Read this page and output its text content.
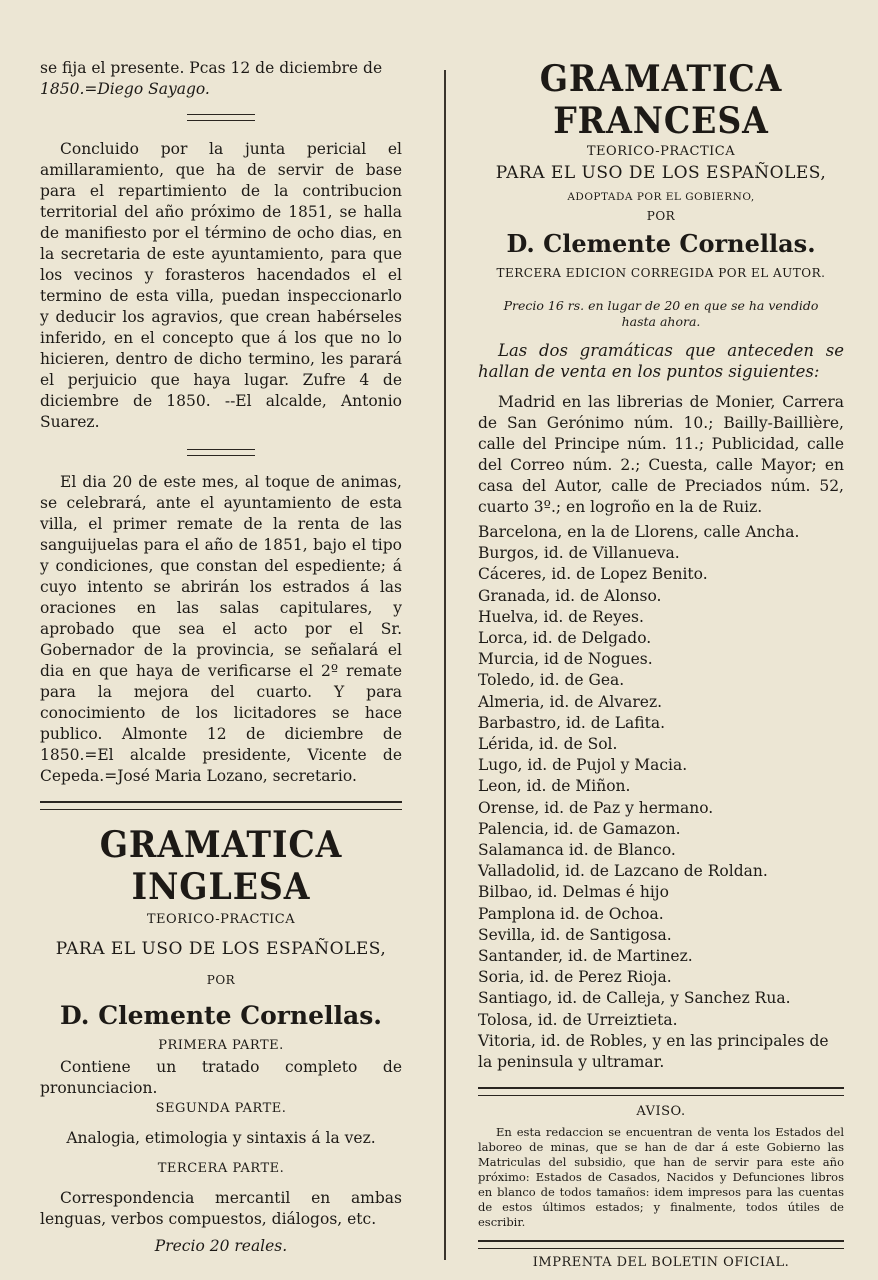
se fija el presente. Pcas 12 de diciembre de

1850.=Diego Sayago.

Concluido por la junta pericial el amillaramiento, que ha de servir de base para el repartimiento de la contribucion territorial del año próximo de 1851, se halla de manifiesto por el término de ocho dias, en la secretaria de este ayuntamiento, para que los vecinos y forasteros hacendados el el termino de esta villa, puedan inspeccionarlo y deducir los agravios, que crean habérseles inferido, en el concepto que á los que no lo hicieren, dentro de dicho termino, les parará el perjuicio que haya lugar. Zufre 4 de diciembre de 1850. --El alcalde, Antonio Suarez.

El dia 20 de este mes, al toque de animas, se celebrará, ante el ayuntamiento de esta villa, el primer remate de la renta de las sanguijuelas para el año de 1851, bajo el tipo y condiciones, que constan del espediente; á cuyo intento se abrirán los estrados á las oraciones en las salas capitulares, y aprobado que sea el acto por el Sr. Gobernador de la provincia, se señalará el dia en que haya de verificarse el 2º remate para la mejora del cuarto. Y para conocimiento de los licitadores se hace publico. Almonte 12 de diciembre de 1850.=El alcalde presidente, Vicente de Cepeda.=José Maria Lozano, secretario.

GRAMATICA INGLESA

TEORICO-PRACTICA

PARA EL USO DE LOS ESPAÑOLES,

POR

D. Clemente Cornellas.

PRIMERA PARTE.

Contiene un tratado completo de pronunciacion.

SEGUNDA PARTE.

Analogia, etimologia y sintaxis á la vez.

TERCERA PARTE.

Correspondencia mercantil en ambas lenguas, verbos compuestos, diálogos, etc.

Precio 20 reales.

GRAMATICA FRANCESA

TEORICO-PRACTICA

PARA EL USO DE LOS ESPAÑOLES,

ADOPTADA POR EL GOBIERNO,

POR

D. Clemente Cornellas.

TERCERA EDICION CORREGIDA POR EL AUTOR.

Precio 16 rs. en lugar de 20 en que se ha vendido hasta ahora.

Las dos gramáticas que anteceden se hallan de venta en los puntos siguientes:

Madrid en las librerias de Monier, Carrera de San Gerónimo núm. 10.; Bailly-Baillière, calle del Principe núm. 11.; Publicidad, calle del Correo núm. 2.; Cuesta, calle Mayor; en casa del Autor, calle de Preciados núm. 52, cuarto 3º.; en logroño en la de Ruiz.

Barcelona, en la de Llorens, calle Ancha.

Burgos, id. de Villanueva.

Cáceres, id. de Lopez Benito.

Granada, id. de Alonso.

Huelva, id. de Reyes.

Lorca, id. de Delgado.

Murcia, id de Nogues.

Toledo, id. de Gea.

Almeria, id. de Alvarez.

Barbastro, id. de Lafita.

Lérida, id. de Sol.

Lugo, id. de Pujol y Macia.

Leon, id. de Miñon.

Orense, id. de Paz y hermano.

Palencia, id. de Gamazon.

Salamanca id. de Blanco.

Valladolid, id. de Lazcano de Roldan.

Bilbao, id. Delmas é hijo

Pamplona id. de Ochoa.

Sevilla, id. de Santigosa.

Santander, id. de Martinez.

Soria, id. de Perez Rioja.

Santiago, id. de Calleja, y Sanchez Rua.

Tolosa, id. de Urreiztieta.

Vitoria, id. de Robles, y en las principales de la peninsula y ultramar.

AVISO.

En esta redaccion se encuentran de venta los Estados del laboreo de minas, que se han de dar á este Gobierno las Matriculas del subsidio, que han de servir para este año próximo: Estados de Casados, Nacidos y Defunciones libros en blanco de todos tamaños: idem impresos para las cuentas de estos últimos estados; y finalmente, todos útiles de escribir.

IMPRENTA DEL BOLETIN OFICIAL.
